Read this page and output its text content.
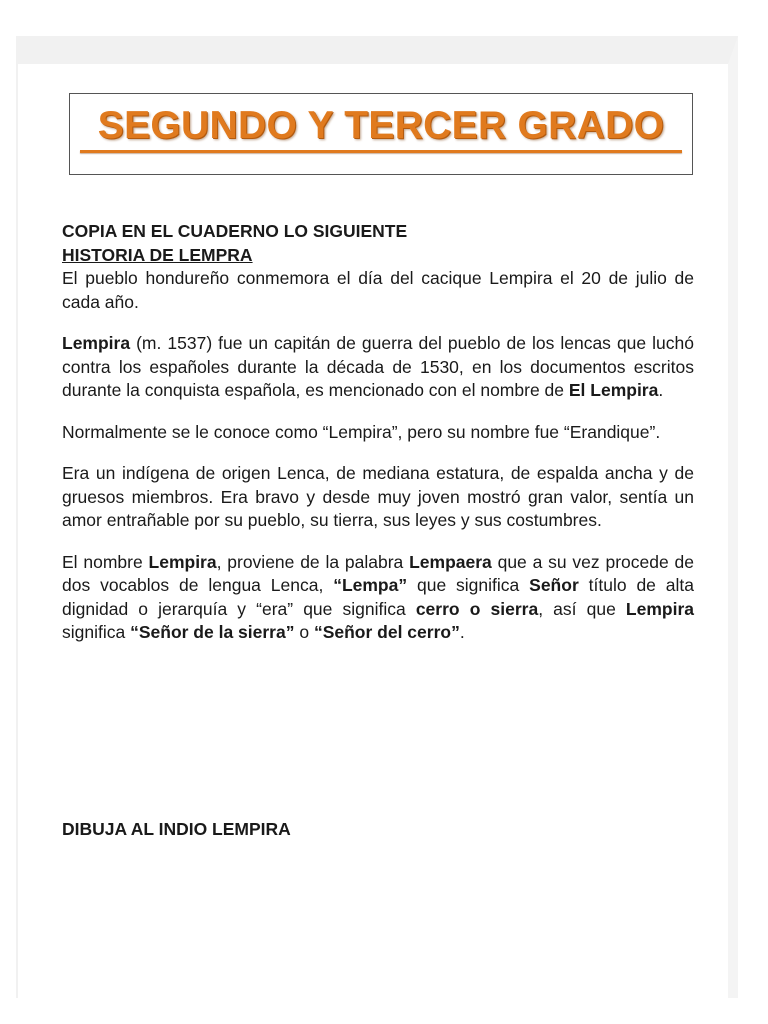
SEGUNDO Y TERCER GRADO

COPIA EN EL CUADERNO LO SIGUIENTE

HISTORIA DE LEMPRA

El pueblo hondureño conmemora el día del cacique Lempira el 20 de julio de cada año.

Lempira (m. 1537) fue un capitán de guerra del pueblo de los lencas que luchó contra los españoles durante la década de 1530, en los documentos escritos durante la conquista española, es mencionado con el nombre de El Lempira.

Normalmente se le conoce como “Lempira”, pero su nombre fue “Erandique”.

Era un indígena de origen Lenca, de mediana estatura, de espalda ancha y de gruesos miembros. Era bravo y desde muy joven mostró gran valor, sentía un amor entrañable por su pueblo, su tierra, sus leyes y sus costumbres.

El nombre Lempira, proviene de la palabra Lempaera que a su vez procede de dos vocablos de lengua Lenca, “Lempa” que significa Señor título de alta dignidad o jerarquía y “era” que significa cerro o sierra, así que Lempira significa “Señor de la sierra” o “Señor del cerro”.

DIBUJA AL INDIO LEMPIRA
